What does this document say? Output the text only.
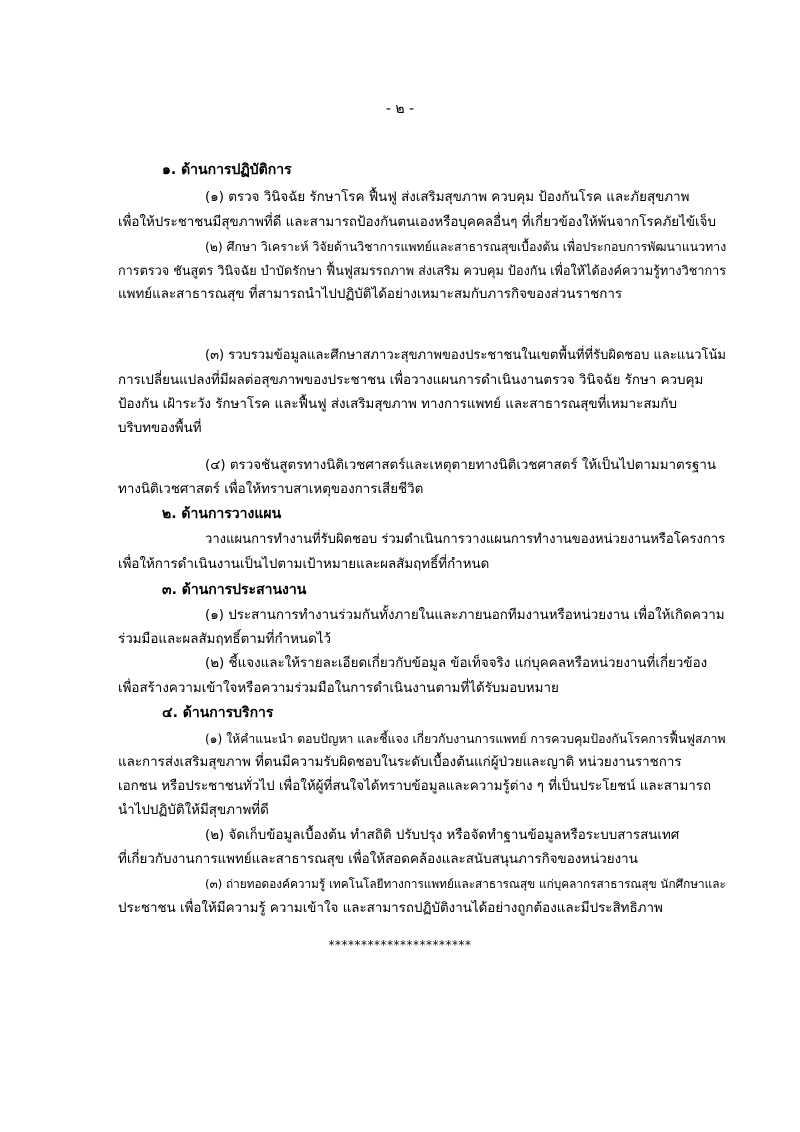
- ๒ -
๑. ด้านการปฏิบัติการ
(๑) ตรวจ วินิจฉัย รักษาโรค ฟื้นฟู ส่งเสริมสุขภาพ ควบคุม ป้องกันโรค และภัยสุขภาพ
เพื่อให้ประชาชนมีสุขภาพที่ดี และสามารถป้องกันตนเองหรือบุคคลอื่นๆ ที่เกี่ยวข้องให้พ้นจากโรคภัยไข้เจ็บ
(๒) ศึกษา วิเคราะห์ วิจัยด้านวิชาการแพทย์และสาธารณสุขเบื้องต้น เพื่อประกอบการพัฒนาแนวทาง
การตรวจ ชันสูตร วินิจฉัย บำบัดรักษา ฟื้นฟูสมรรถภาพ ส่งเสริม ควบคุม ป้องกัน เพื่อให้ได้องค์ความรู้ทางวิชาการ
แพทย์และสาธารณสุข ที่สามารถนำไปปฏิบัติได้อย่างเหมาะสมกับภารกิจของส่วนราชการ
(๓) รวบรวมข้อมูลและศึกษาสภาวะสุขภาพของประชาชนในเขตพื้นที่ที่รับผิดชอบ และแนวโน้ม
การเปลี่ยนแปลงที่มีผลต่อสุขภาพของประชาชน เพื่อวางแผนการดำเนินงานตรวจ วินิจฉัย รักษา ควบคุม
ป้องกัน เฝ้าระวัง รักษาโรค และฟื้นฟู ส่งเสริมสุขภาพ ทางการแพทย์ และสาธารณสุขที่เหมาะสมกับ
บริบทของพื้นที่
(๔) ตรวจชันสูตรทางนิติเวชศาสตร์และเหตุตายทางนิติเวชศาสตร์ ให้เป็นไปตามมาตรฐาน
ทางนิติเวชศาสตร์ เพื่อให้ทราบสาเหตุของการเสียชีวิต
๒. ด้านการวางแผน
วางแผนการทำงานที่รับผิดชอบ ร่วมดำเนินการวางแผนการทำงานของหน่วยงานหรือโครงการ
เพื่อให้การดำเนินงานเป็นไปตามเป้าหมายและผลสัมฤทธิ์ที่กำหนด
๓. ด้านการประสานงาน
(๑) ประสานการทำงานร่วมกันทั้งภายในและภายนอกทีมงานหรือหน่วยงาน เพื่อให้เกิดความ
ร่วมมือและผลสัมฤทธิ์ตามที่กำหนดไว้
(๒) ชี้แจงและให้รายละเอียดเกี่ยวกับข้อมูล ข้อเท็จจริง แก่บุคคลหรือหน่วยงานที่เกี่ยวข้อง
เพื่อสร้างความเข้าใจหรือความร่วมมือในการดำเนินงานตามที่ได้รับมอบหมาย
๔. ด้านการบริการ
(๑) ให้คำแนะนำ ตอบปัญหา และชี้แจง เกี่ยวกับงานการแพทย์ การควบคุมป้องกันโรคการฟื้นฟูสภาพ
และการส่งเสริมสุขภาพ ที่ตนมีความรับผิดชอบในระดับเบื้องต้นแก่ผู้ป่วยและญาติ หน่วยงานราชการ
เอกชน หรือประชาชนทั่วไป เพื่อให้ผู้ที่สนใจได้ทราบข้อมูลและความรู้ต่าง ๆ ที่เป็นประโยชน์ และสามารถ
นำไปปฏิบัติให้มีสุขภาพที่ดี
(๒) จัดเก็บข้อมูลเบื้องต้น ทำสถิติ ปรับปรุง หรือจัดทำฐานข้อมูลหรือระบบสารสนเทศ
ที่เกี่ยวกับงานการแพทย์และสาธารณสุข เพื่อให้สอดคล้องและสนับสนุนภารกิจของหน่วยงาน
(๓) ถ่ายทอดองค์ความรู้ เทคโนโลยีทางการแพทย์และสาธารณสุข แก่บุคลากรสาธารณสุข นักศึกษาและ
ประชาชน เพื่อให้มีความรู้ ความเข้าใจ และสามารถปฏิบัติงานได้อย่างถูกต้องและมีประสิทธิภาพ
**********************
